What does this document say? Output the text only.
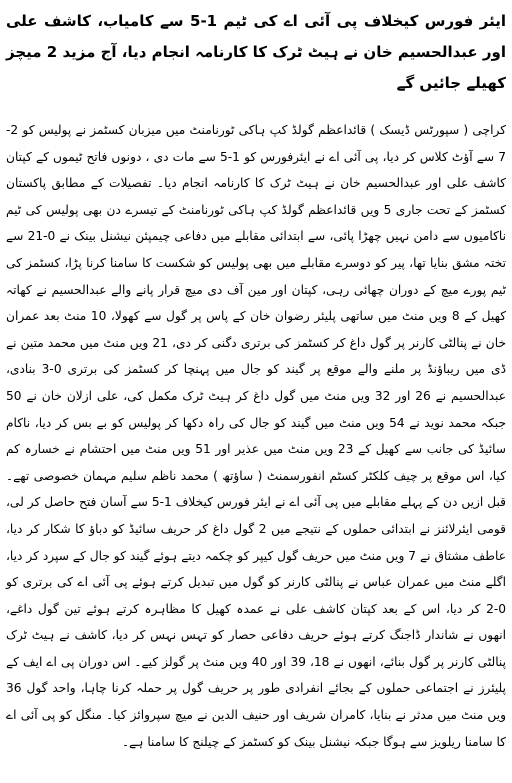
ایئر فورس کیخلاف پی آئی اے کی ٹیم 1-5 سے کامیاب، کاشف علی اور عبدالحسیم خان نے ہیٹ ٹرک کا کارنامہ انجام دیا، آج مزید 2 میچز کھیلے جائیں گے

کراچی ( سپورٹس ڈیسک ) قائداعظم گولڈ کپ ہاکی ٹورنامنٹ میں میزبان کسٹمز نے پولیس کو 2-7 سے آؤٹ کلاس کر دیا، پی آئی اے نے ایئرفورس کو 1-5 سے مات دی ، دونوں فاتح ٹیموں کے کپتان کاشف علی اور عبدالحسیم خان نے ہیٹ ٹرک کا کارنامہ انجام دیا۔ تفصیلات کے مطابق پاکستان کسٹمز کے تحت جاری 5 ویں قائداعظم گولڈ کپ ہاکی ٹورنامنٹ کے تیسرے دن بھی پولیس کی ٹیم ناکامیوں سے دامن نہیں چھڑا پائی، سے ابتدائی مقابلے میں دفاعی چیمپئن نیشنل بینک نے 0-21 سے تختہ مشق بنایا تھا، پیر کو دوسرے مقابلے میں بھی پولیس کو شکست کا سامنا کرنا پڑا، کسٹمز کی ٹیم پورے میچ کے دوران چھائی رہی، کپتان اور مین آف دی میچ قرار پانے والے عبدالحسیم نے کھاتہ کھیل کے 8 ویں منٹ میں ساتھی پلیئر رضوان خان کے پاس پر گول سے کھولا، 10 منٹ بعد عمران خان نے پنالٹی کارنر پر گول داغ کر کسٹمز کی برتری دگنی کر دی، 21 ویں منٹ میں محمد متین نے ڈی میں ریباؤنڈ پر ملنے والے موقع پر گیند کو جال میں پہنچا کر کسٹمز کی برتری 0-3 بنادی، عبدالحسیم نے 26 اور 32 ویں منٹ میں گول داغ کر ہیٹ ٹرک مکمل کی، علی ازلان خان نے 50 جبکہ محمد نوید نے 54 ویں منٹ میں گیند کو جال کی راہ دکھا کر پولیس کو بے بس کر دیا، ناکام سائیڈ کی جانب سے کھیل کے 23 ویں منٹ میں عذیر اور 51 ویں منٹ میں احتشام نے خسارہ کم کیا، اس موقع پر چیف کلکٹر کسٹم انفورسمنٹ ( ساؤتھ ) محمد ناظم سلیم مہمان خصوصی تھے۔ قبل ازیں دن کے پہلے مقابلے میں پی آئی اے نے ایئر فورس کیخلاف 1-5 سے آسان فتح حاصل کر لی، قومی ایئرلائنز نے ابتدائی حملوں کے نتیجے میں 2 گول داغ کر حریف سائیڈ کو دباؤ کا شکار کر دیا، عاطف مشتاق نے 7 ویں منٹ میں حریف گول کیپر کو چکمہ دیتے ہوئے گیند کو جال کے سپرد کر دیا، اگلے منٹ میں عمران عباس نے پنالٹی کارنر کو گول میں تبدیل کرتے ہوئے پی آئی اے کی برتری کو 0-2 کر دیا، اس کے بعد کپتان کاشف علی نے عمدہ کھیل کا مظاہرہ کرتے ہوئے تین گول داغے، انھوں نے شاندار ڈاجنگ کرتے ہوئے حریف دفاعی حصار کو تہس نہس کر دیا، کاشف نے ہیٹ ٹرک پنالٹی کارنر پر گول بنائے، انھوں نے 18، 39 اور 40 ویں منٹ پر گولز کیے۔ اس دوران پی اے ایف کے پلیئرز نے اجتماعی حملوں کے بجائے انفرادی طور پر حریف گول پر حملہ کرنا چاہا، واحد گول 36 ویں منٹ میں مدثر نے بنایا، کامران شریف اور حنیف الدین نے میچ سپروائز کیا۔ منگل کو پی آئی اے کا سامنا ریلویز سے ہوگا جبکہ نیشنل بینک کو کسٹمز کے چیلنج کا سامنا ہے۔
